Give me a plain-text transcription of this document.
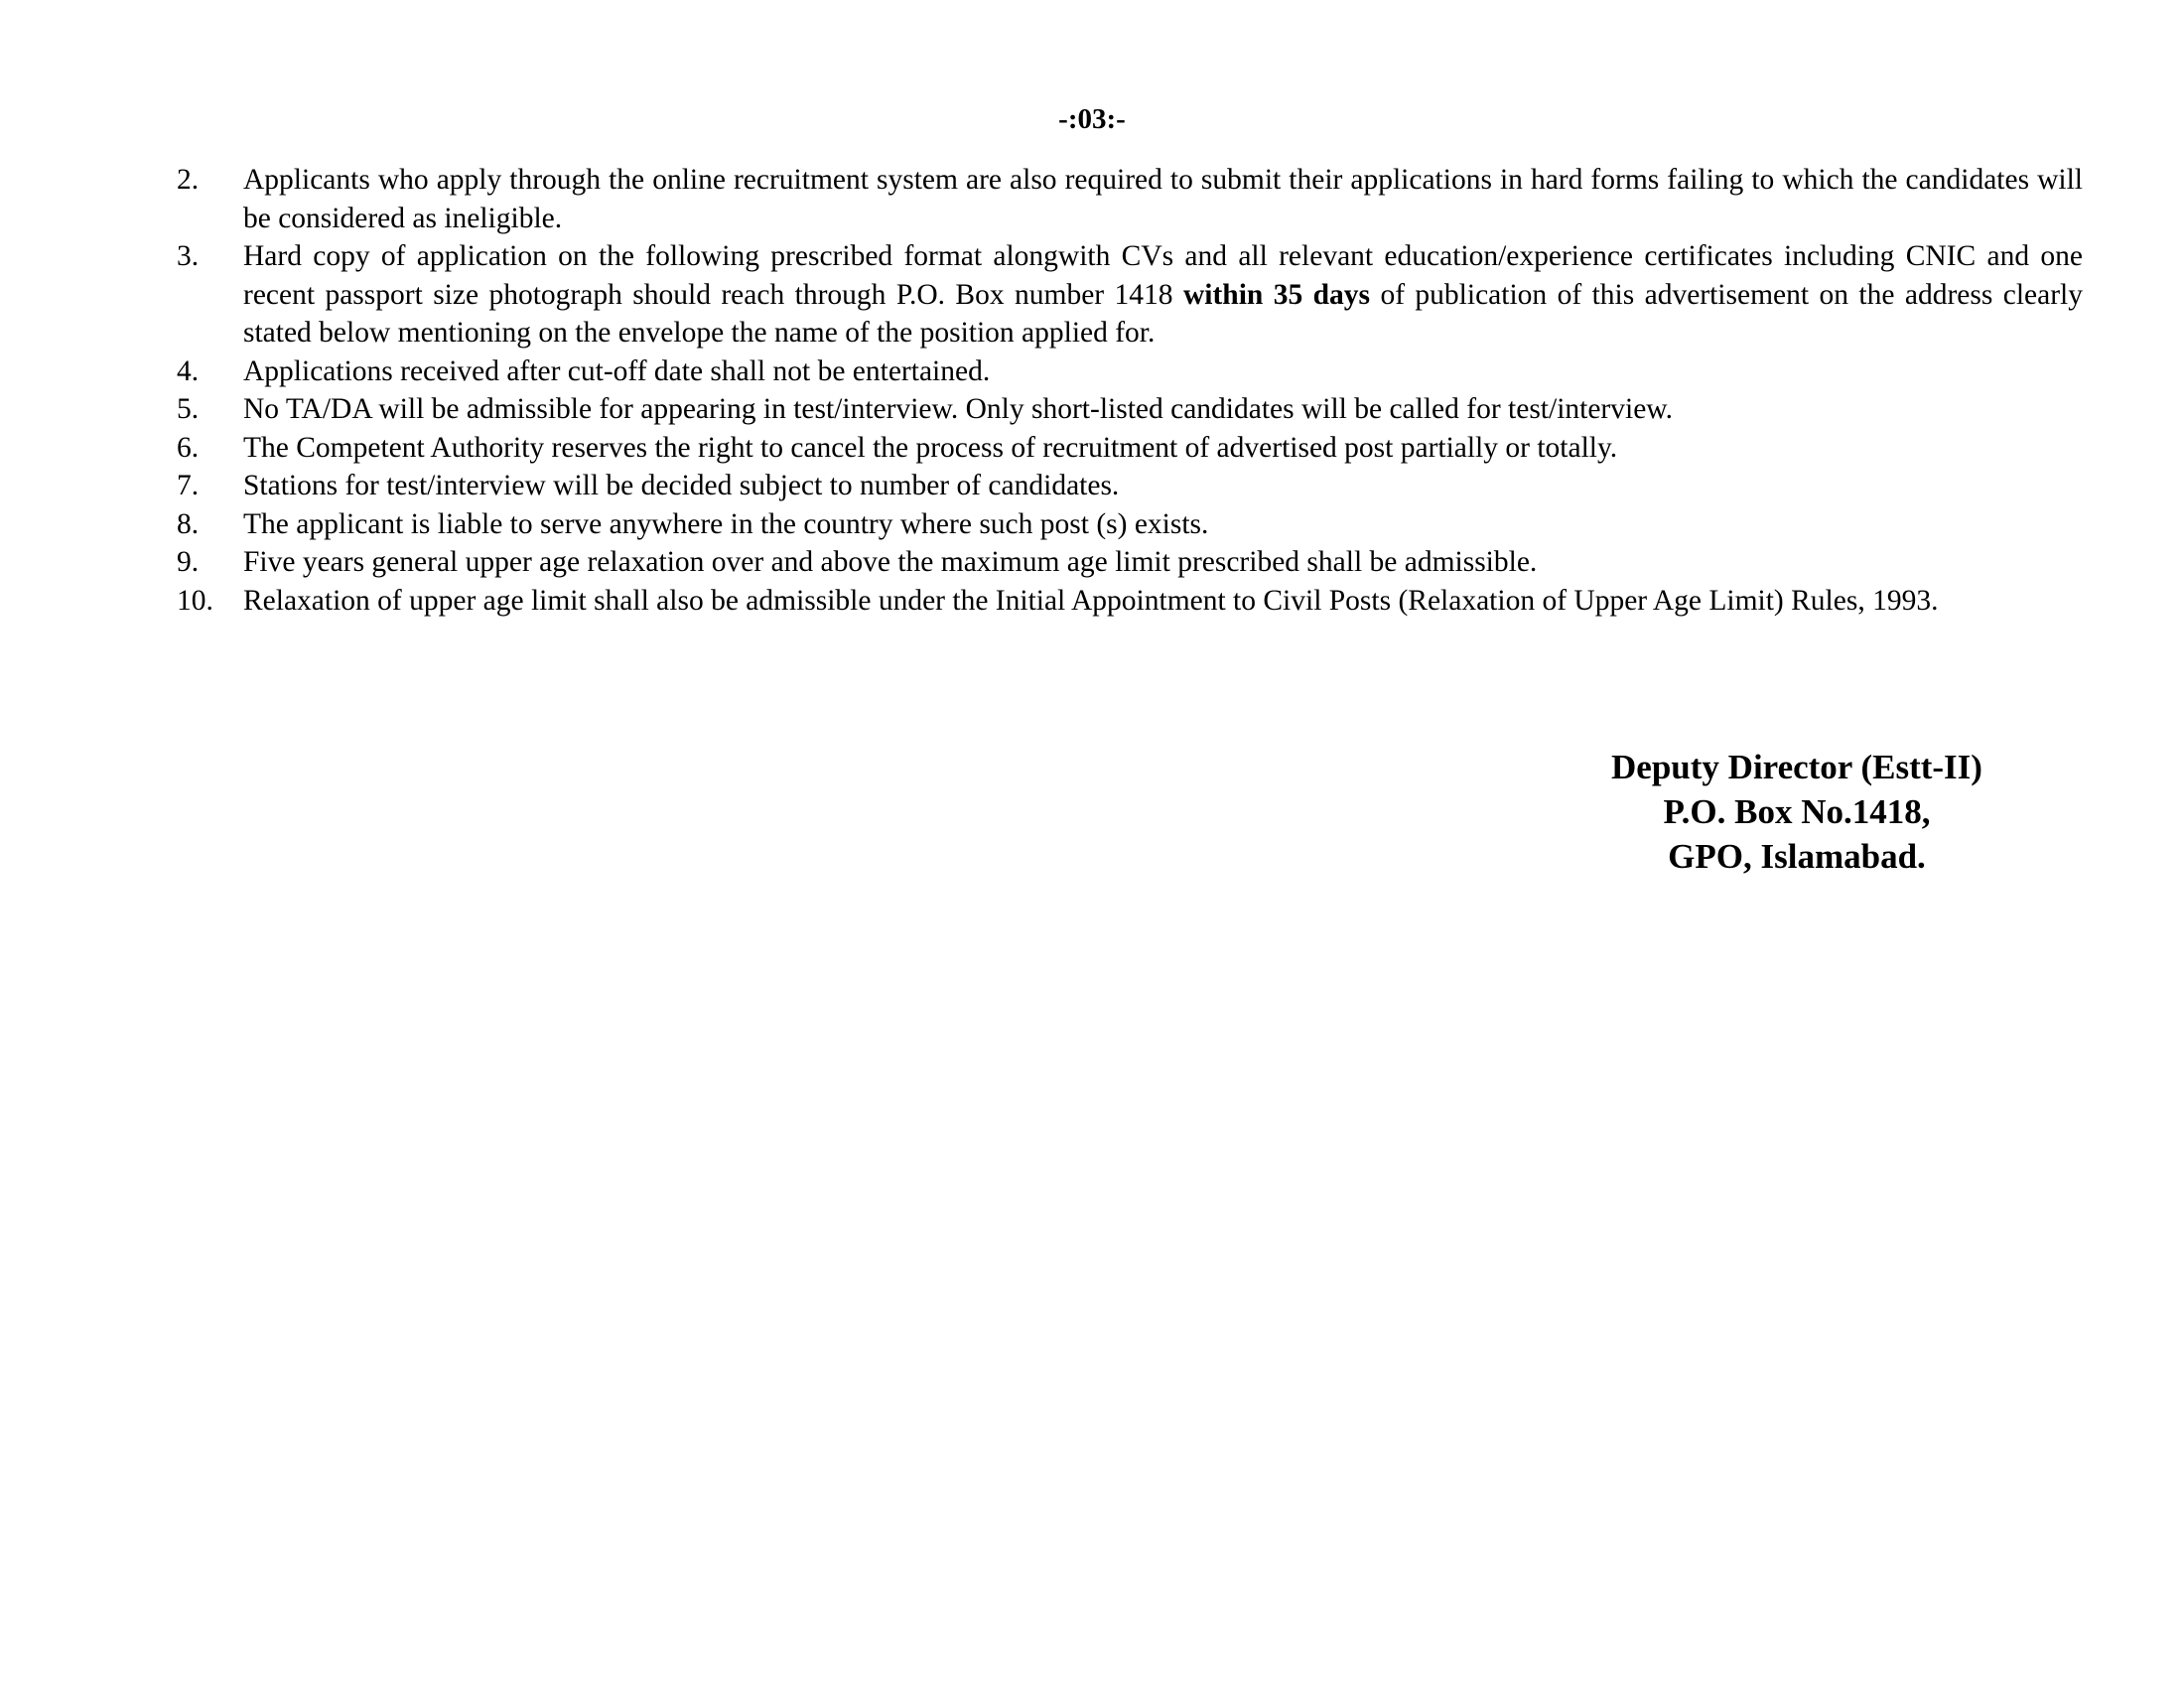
-:03:-
2.	Applicants who apply through the online recruitment system are also required to submit their applications in hard forms failing to which the candidates will be considered as ineligible.
3.	Hard copy of application on the following prescribed format alongwith CVs and all relevant education/experience certificates including CNIC and one recent passport size photograph should reach through P.O. Box number 1418 within 35 days of publication of this advertisement on the address clearly stated below mentioning on the envelope the name of the position applied for.
4.	Applications received after cut-off date shall not be entertained.
5.	No TA/DA will be admissible for appearing in test/interview. Only short-listed candidates will be called for test/interview.
6.	The Competent Authority reserves the right to cancel the process of recruitment of advertised post partially or totally.
7.	Stations for test/interview will be decided subject to number of candidates.
8.	The applicant is liable to serve anywhere in the country where such post (s) exists.
9.	Five years general upper age relaxation over and above the maximum age limit prescribed shall be admissible.
10.	Relaxation of upper age limit shall also be admissible under the Initial Appointment to Civil Posts (Relaxation of Upper Age Limit) Rules, 1993.
Deputy Director (Estt-II)
P.O. Box No.1418,
GPO, Islamabad.
